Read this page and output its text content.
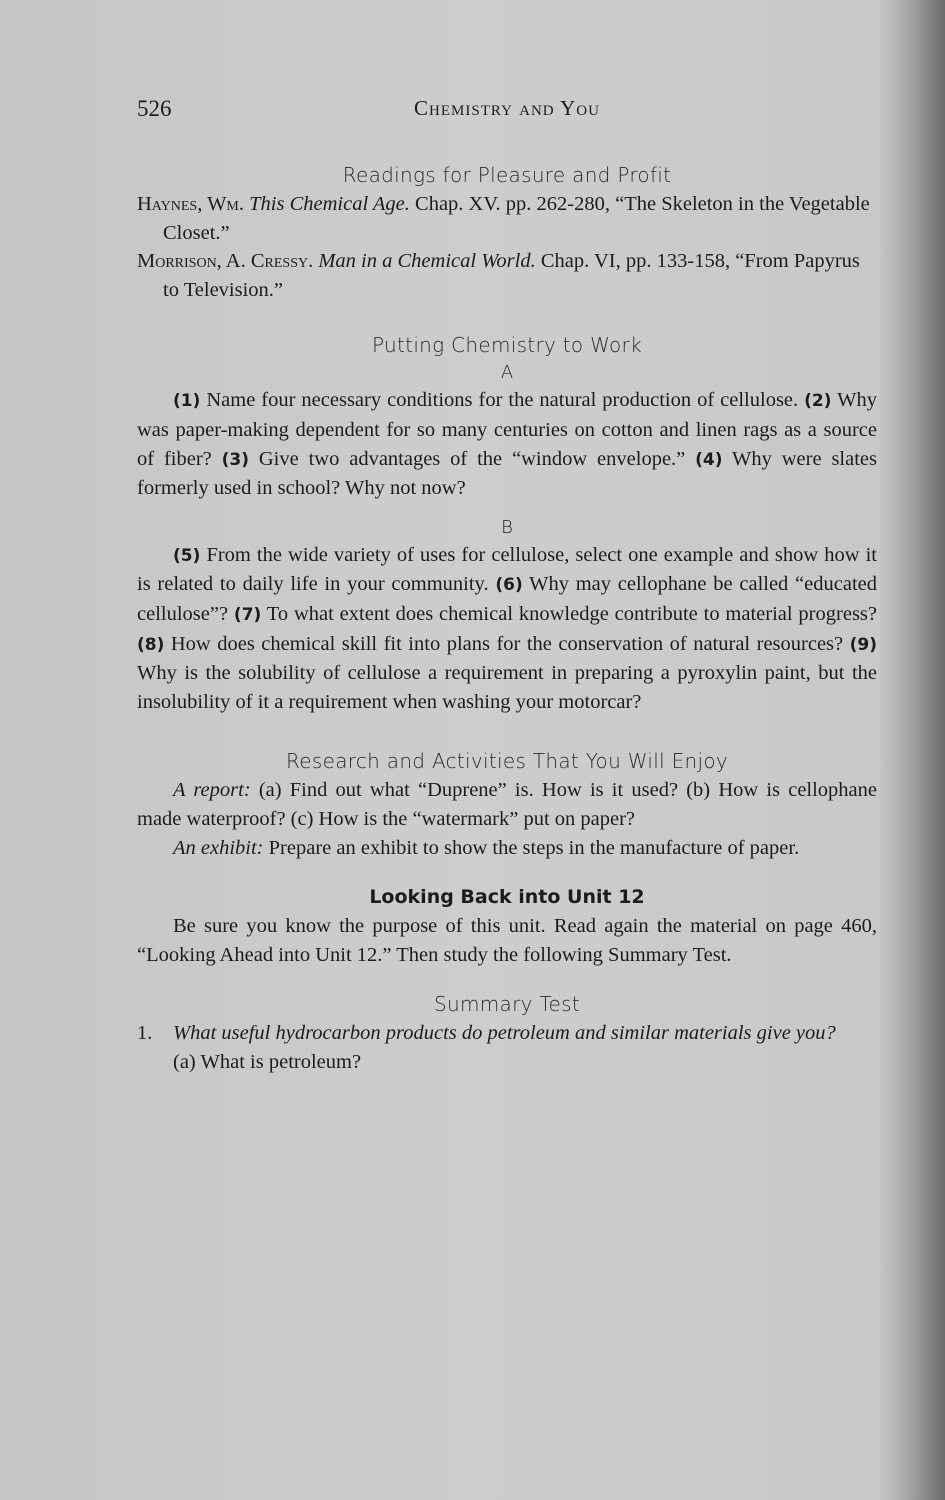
526	Chemistry and You
Readings for Pleasure and Profit

Haynes, Wm. This Chemical Age. Chap. XV. pp. 262-280, “The Skeleton in the Vegetable Closet.”

Morrison, A. Cressy. Man in a Chemical World. Chap. VI, pp. 133-158, “From Papyrus to Television.”

Putting Chemistry to Work

A

(1) Name four necessary conditions for the natural production of cellulose. (2) Why was paper-making dependent for so many centuries on cotton and linen rags as a source of fiber? (3) Give two advantages of the “window envelope.” (4) Why were slates formerly used in school? Why not now?

B

(5) From the wide variety of uses for cellulose, select one example and show how it is related to daily life in your community. (6) Why may cellophane be called “educated cellulose”? (7) To what extent does chemical knowledge contribute to material progress? (8) How does chemical skill fit into plans for the conservation of natural resources? (9) Why is the solubility of cellulose a requirement in preparing a pyroxylin paint, but the insolubility of it a requirement when washing your motorcar?

Research and Activities That You Will Enjoy

A report: (a) Find out what “Duprene” is. How is it used? (b) How is cellophane made waterproof? (c) How is the “watermark” put on paper?

An exhibit: Prepare an exhibit to show the steps in the manufacture of paper.

Looking Back into Unit 12

Be sure you know the purpose of this unit. Read again the material on page 460, “Looking Ahead into Unit 12.” Then study the following Summary Test.

Summary Test

1. What useful hydrocarbon products do petroleum and similar materials give you?

(a) What is petroleum?
